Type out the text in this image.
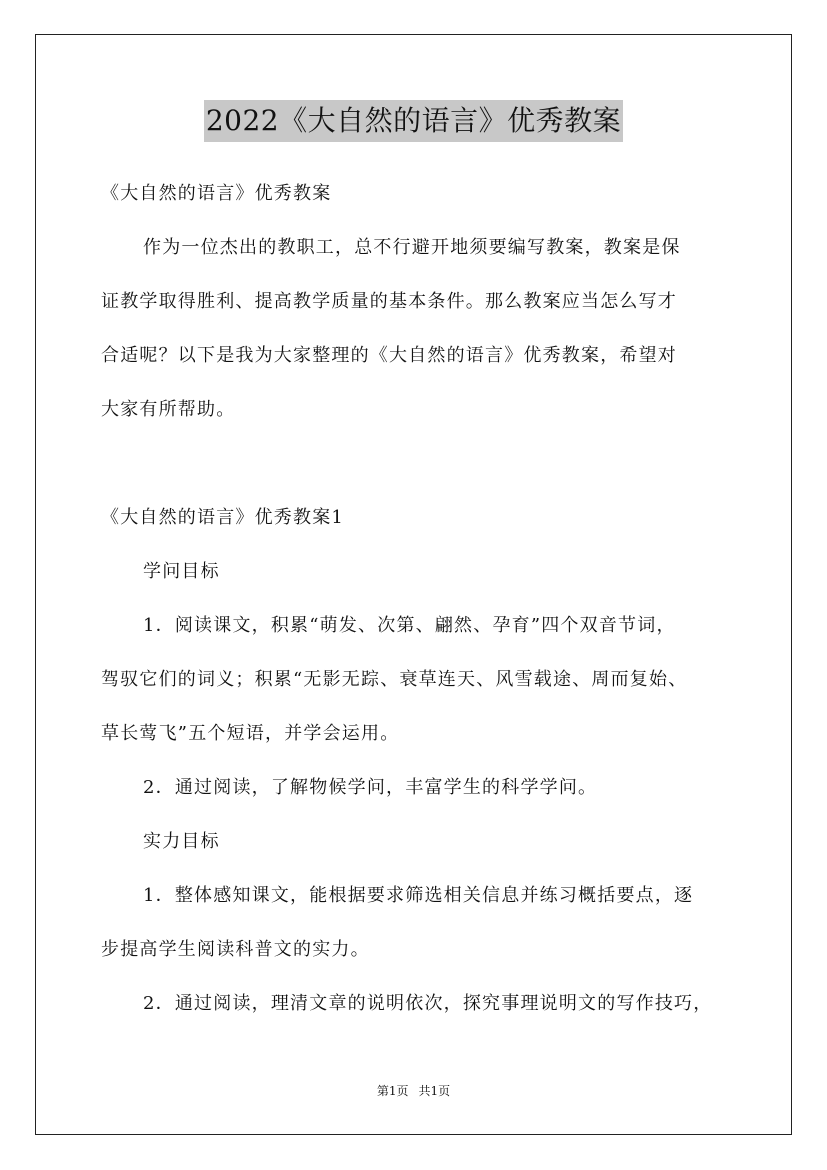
2022《大自然的语言》优秀教案
《大自然的语言》优秀教案
作为一位杰出的教职工，总不行避开地须要编写教案，教案是保
证教学取得胜利、提高教学质量的基本条件。那么教案应当怎么写才
合适呢？以下是我为大家整理的《大自然的语言》优秀教案，希望对
大家有所帮助。
《大自然的语言》优秀教案1
学问目标
1．阅读课文，积累“萌发、次第、翩然、孕育”四个双音节词，
驾驭它们的词义；积累“无影无踪、衰草连天、风雪载途、周而复始、
草长莺飞”五个短语，并学会运用。
2．通过阅读，了解物候学问，丰富学生的科学学问。
实力目标
1．整体感知课文，能根据要求筛选相关信息并练习概括要点，逐
步提高学生阅读科普文的实力。
2．通过阅读，理清文章的说明依次，探究事理说明文的写作技巧，
第1页 共1页
